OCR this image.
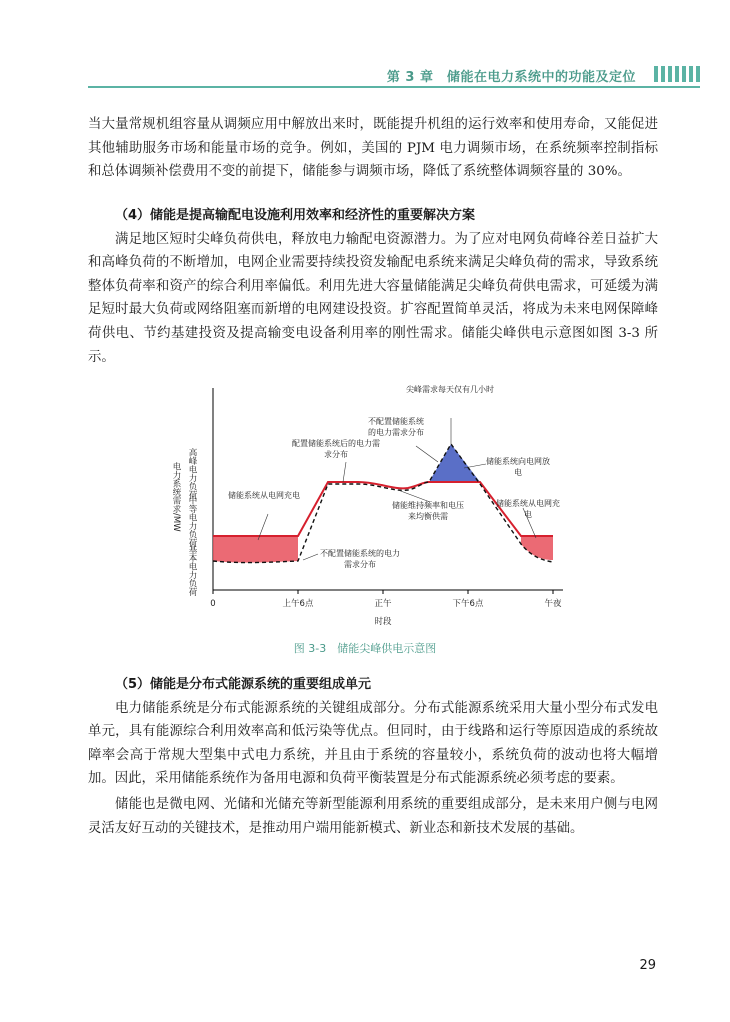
第 3 章　 储能在电力系统中的功能及定位

当大量常规机组容量从调频应用中解放出来时，既能提升机组的运行效率和使用寿命，又能促进其他辅助服务市场和能量市场的竞争。例如，美国的 PJM 电力调频市场，在系统频率控制指标和总体调频补偿费用不变的前提下，储能参与调频市场，降低了系统整体调频容量的 30%。

（4）储能是提高输配电设施利用效率和经济性的重要解决方案

满足地区短时尖峰负荷供电，释放电力输配电资源潜力。为了应对电网负荷峰谷差日益扩大和高峰负荷的不断增加，电网企业需要持续投资发输配电系统来满足尖峰负荷的需求，导致系统整体负荷率和资产的综合利用率偏低。利用先进大容量储能满足尖峰负荷供电需求，可延缓为满足短时最大负荷或网络阻塞而新增的电网建设投资。扩容配置简单灵活，将成为未来电网保障峰荷供电、节约基建投资及提高输变电设备利用率的刚性需求。储能尖峰供电示意图如图 3-3 所示。

高峰电力负荷
中等电力负荷
基本电力负荷
电力系统需求/MW
0	上午6点	正午	下午6点	午夜
时段
尖峰需求每天仅有几小时
不配置储能系统的电力需求分布
配置储能系统后的电力需求分布
储能系统向电网放电
储能系统从电网充电
储能系统从电网充电
储能维持频率和电压来均衡供需
不配置储能系统的电力需求分布
图 3-3　储能尖峰供电示意图

（5）储能是分布式能源系统的重要组成单元

电力储能系统是分布式能源系统的关键组成部分。分布式能源系统采用大量小型分布式发电单元，具有能源综合利用效率高和低污染等优点。但同时，由于线路和运行等原因造成的系统故障率会高于常规大型集中式电力系统，并且由于系统的容量较小，系统负荷的波动也将大幅增加。因此，采用储能系统作为备用电源和负荷平衡装置是分布式能源系统必须考虑的要素。

储能也是微电网、光储和光储充等新型能源利用系统的重要组成部分，是未来用户侧与电网灵活友好互动的关键技术，是推动用户端用能新模式、新业态和新技术发展的基础。

29
